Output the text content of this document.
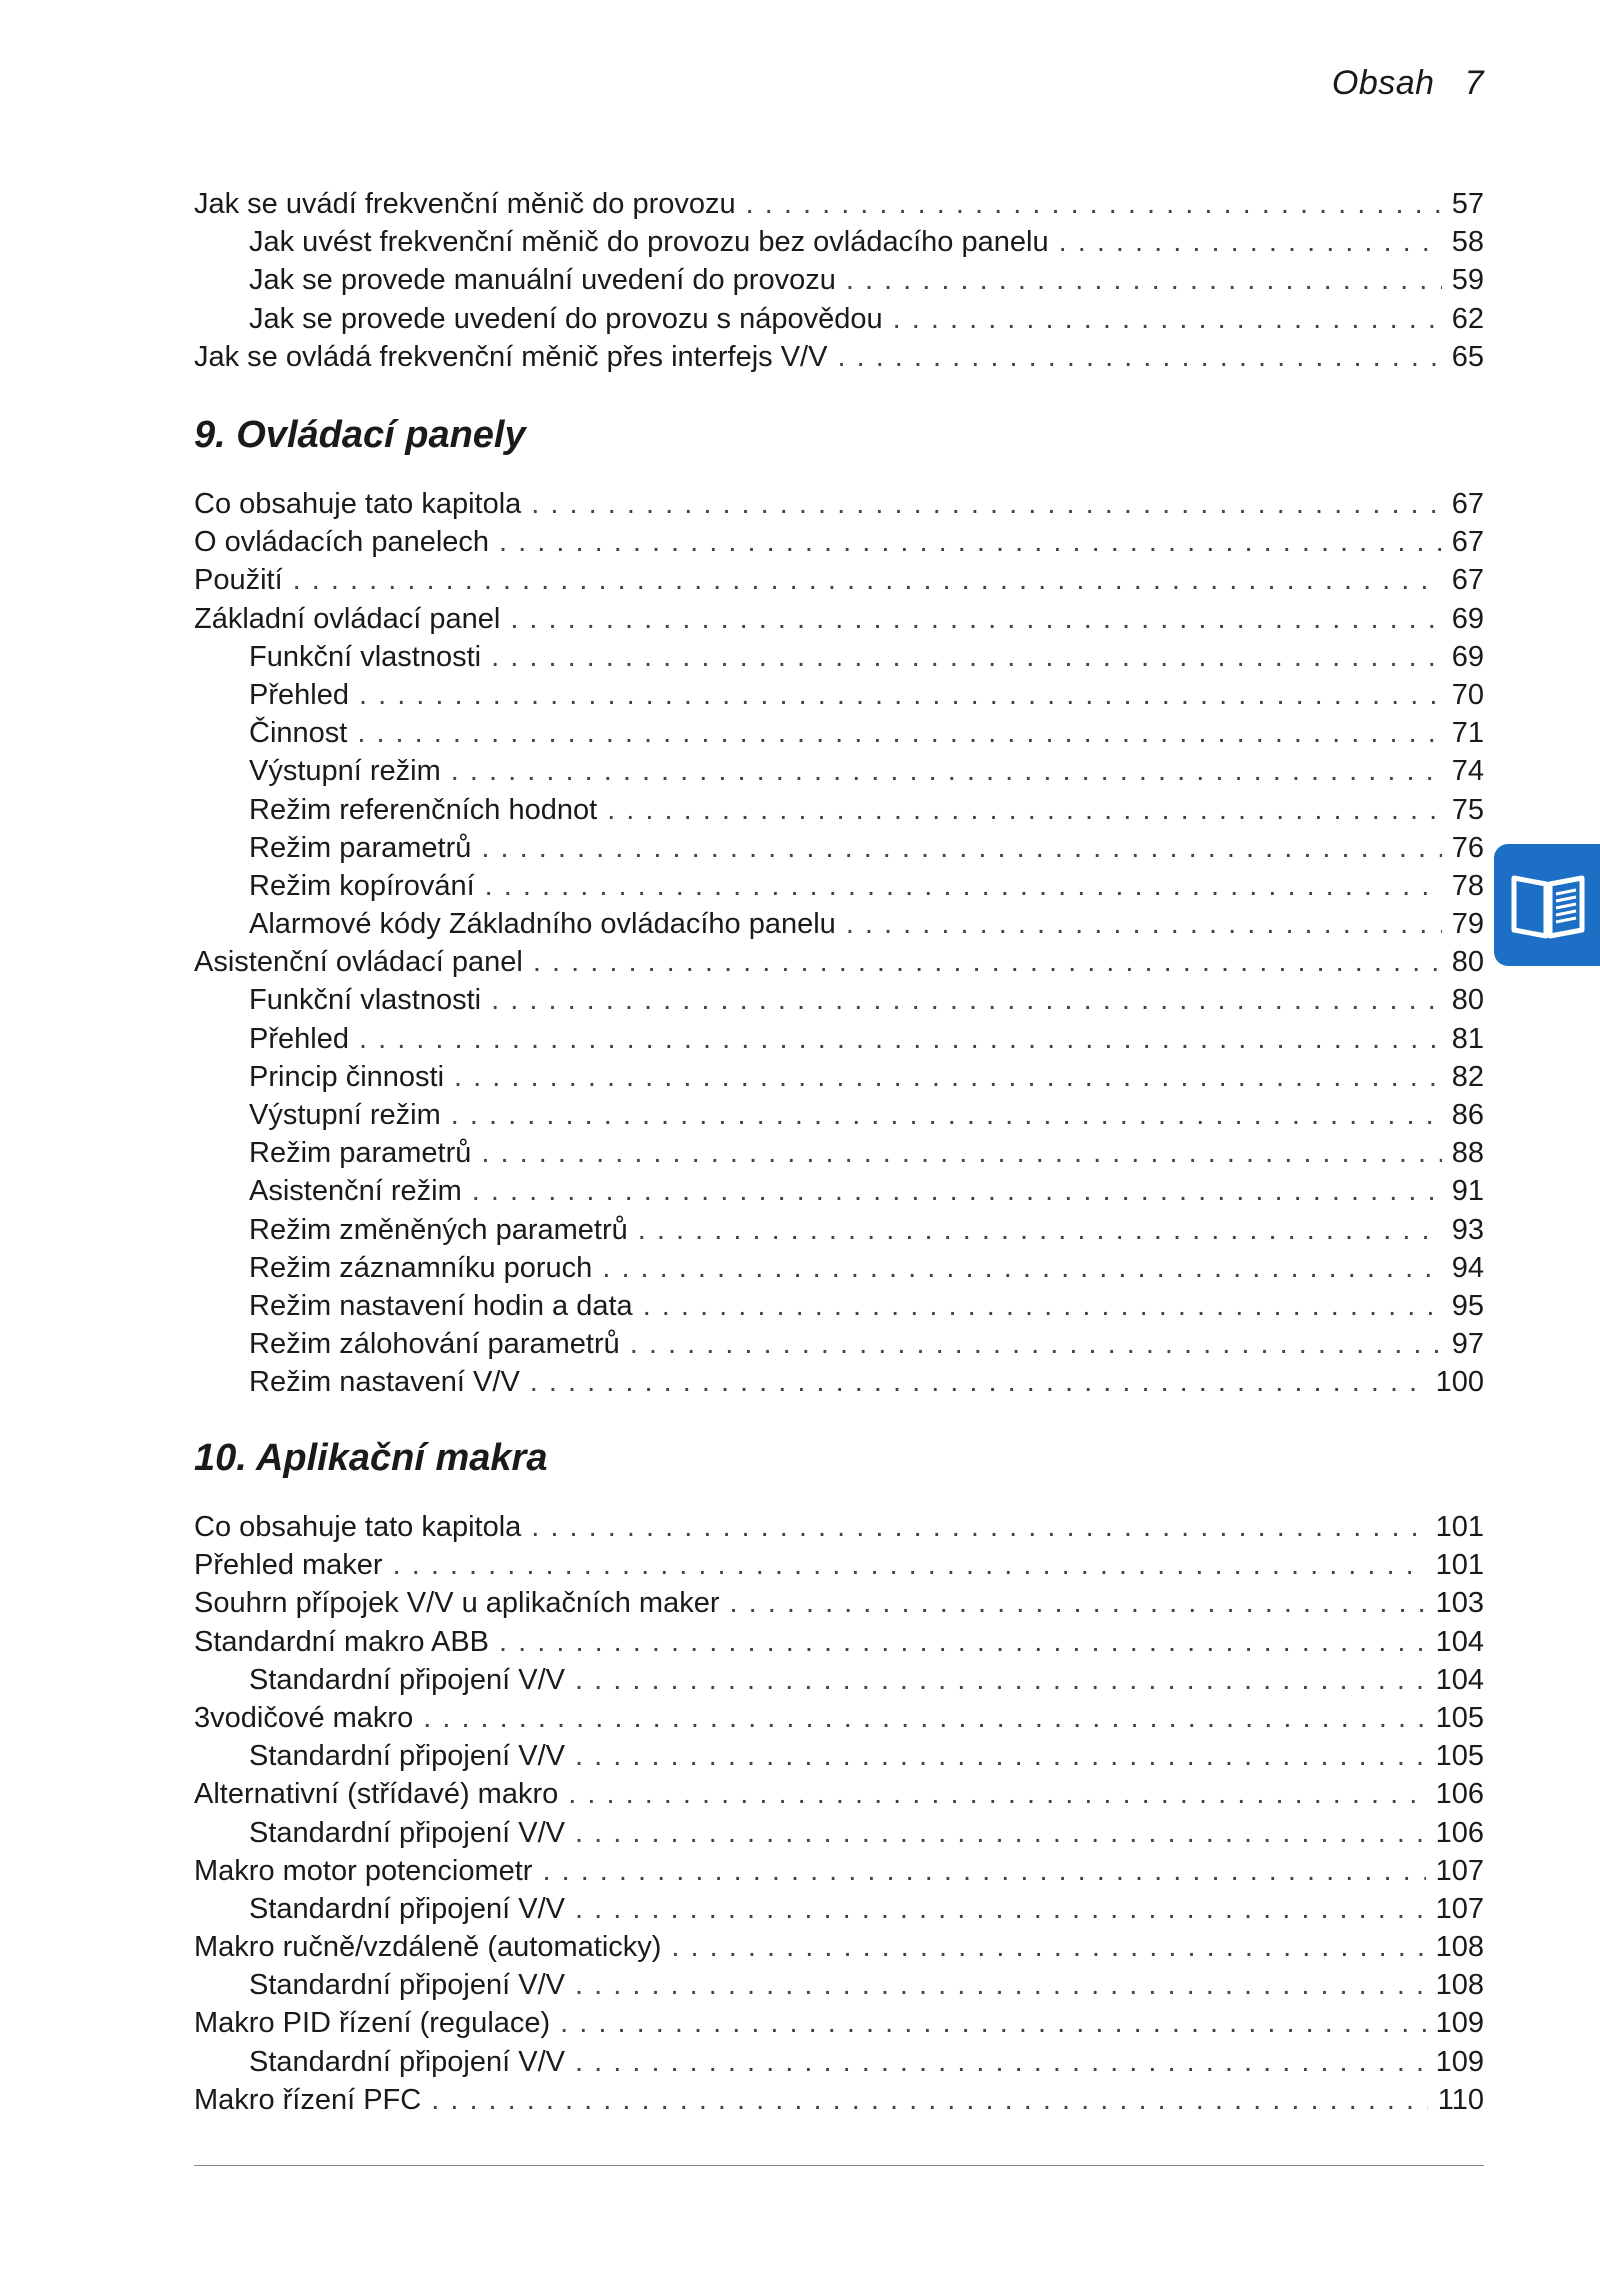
Obsah 7
Jak se uvádí frekvenční měnič do provozu . . .	57
Jak uvést frekvenční měnič do provozu bez ovládacího panelu . . .	58
Jak se provede manuální uvedení do provozu . . .	59
Jak se provede uvedení do provozu s nápovědou . . .	62
Jak se ovládá frekvenční měnič přes interfejs V/V . . .	65
9. Ovládací panely
Co obsahuje tato kapitola . . .	67
O ovládacích panelech . . .	67
Použití . . .	67
Základní ovládací panel . . .	69
Funkční vlastnosti . . .	69
Přehled . . .	70
Činnost . . .	71
Výstupní režim . . .	74
Režim referenčních hodnot . . .	75
Režim parametrů . . .	76
Režim kopírování . . .	78
Alarmové kódy Základního ovládacího panelu . . .	79
Asistenční ovládací panel . . .	80
Funkční vlastnosti . . .	80
Přehled . . .	81
Princip činnosti . . .	82
Výstupní režim . . .	86
Režim parametrů . . .	88
Asistenční režim . . .	91
Režim změněných parametrů . . .	93
Režim záznamníku poruch . . .	94
Režim nastavení hodin a data . . .	95
Režim zálohování parametrů . . .	97
Režim nastavení V/V . . .	100
10. Aplikační makra
Co obsahuje tato kapitola . . .	101
Přehled maker . . .	101
Souhrn přípojek V/V u aplikačních maker . . .	103
Standardní makro ABB . . .	104
Standardní připojení V/V . . .	104
3vodičové makro . . .	105
Standardní připojení V/V . . .	105
Alternativní (střídavé) makro . . .	106
Standardní připojení V/V . . .	106
Makro motor potenciometr . . .	107
Standardní připojení V/V . . .	107
Makro ručně/vzdáleně (automaticky) . . .	108
Standardní připojení V/V . . .	108
Makro PID řízení (regulace) . . .	109
Standardní připojení V/V . . .	109
Makro řízení PFC . . .	110
